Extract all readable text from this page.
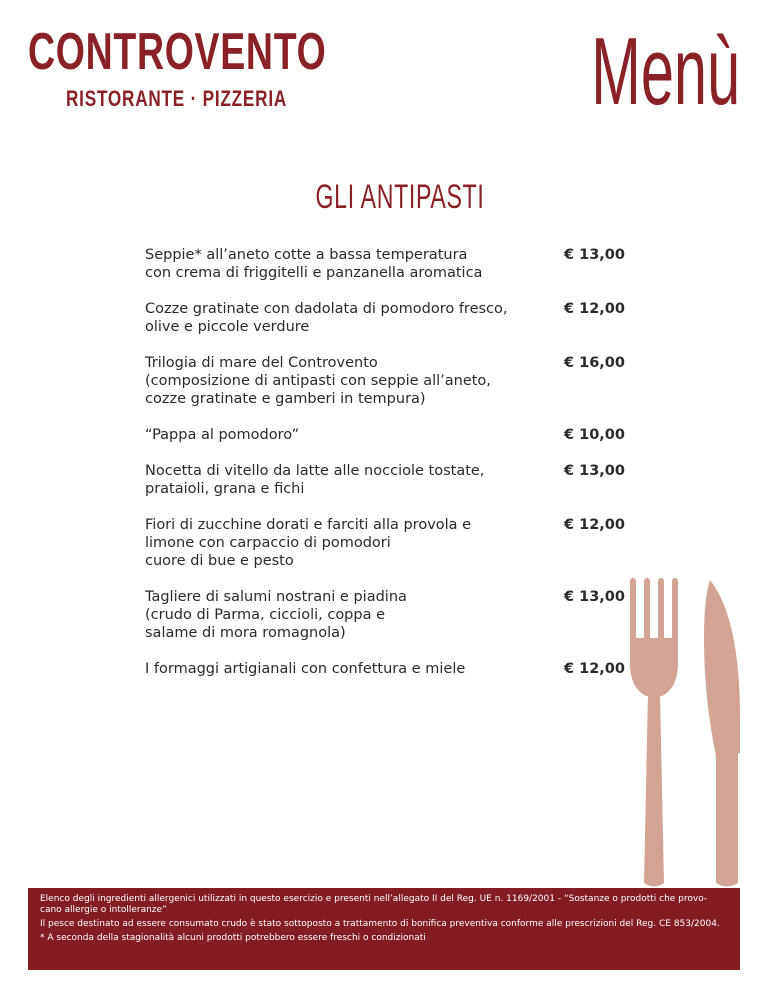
CONTROVENTO
RISTORANTE · PIZZERIA	Menù
GLI ANTIPASTI
Seppie* all’aneto cotte a bassa temperatura
con crema di friggitelli e panzanella aromatica
€ 13,00
Cozze gratinate con dadolata di pomodoro fresco,
olive e piccole verdure
€ 12,00
Trilogia di mare del Controvento
(composizione di antipasti con seppie all’aneto,
cozze gratinate e gamberi in tempura)
€ 16,00
“Pappa al pomodoro”	€ 10,00
Nocetta di vitello da latte alle nocciole tostate,
prataioli, grana e fichi
€ 13,00
Fiori di zucchine dorati e farciti alla provola e
limone con carpaccio di pomodori
cuore di bue e pesto
€ 12,00
Tagliere di salumi nostrani e piadina
(crudo di Parma, ciccioli, coppa e
salame di mora romagnola)
€ 13,00
I formaggi artigianali con confettura e miele	€ 12,00

Elenco degli ingredienti allergenici utilizzati in questo esercizio e presenti nell’allegato II del Reg. UE n. 1169/2001 - “Sostanze o prodotti che provo-cano allergie o intolleranze”

Il pesce destinato ad essere consumato crudo è stato sottoposto a trattamento di bonifica preventiva conforme alle prescrizioni del Reg. CE 853/2004.

* A seconda della stagionalità alcuni prodotti potrebbero essere freschi o condizionati
